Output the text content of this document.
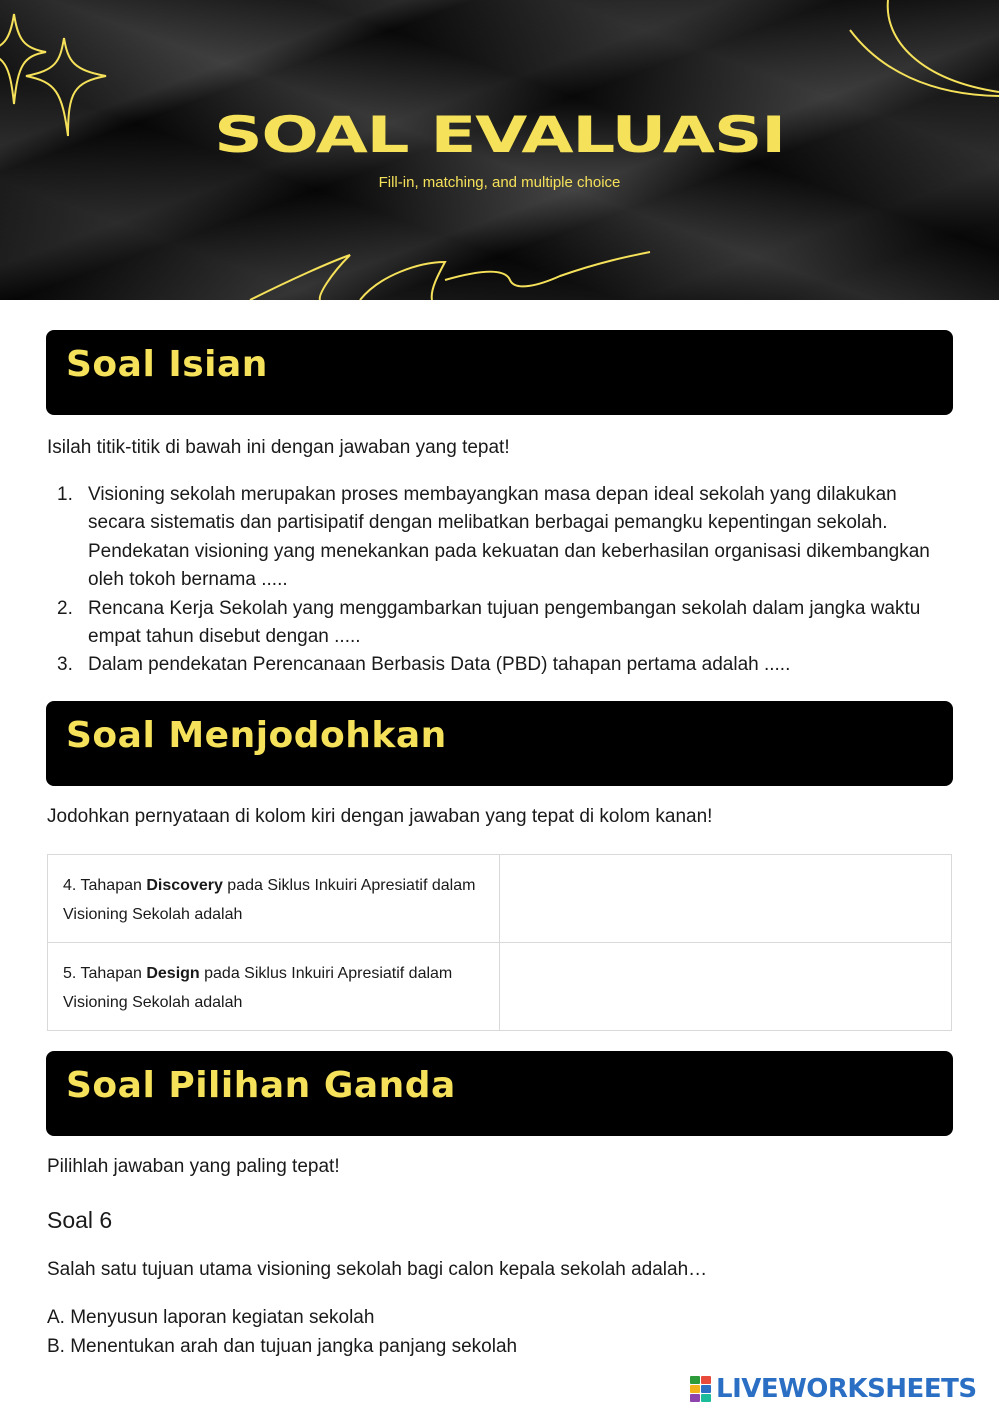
SOAL EVALUASI
Fill-in, matching, and multiple choice
Soal Isian

Isilah titik-titik di bawah ini dengan jawaban yang tepat!

1. Visioning sekolah merupakan proses membayangkan masa depan ideal sekolah yang dilakukan secara sistematis dan partisipatif dengan melibatkan berbagai pemangku kepentingan sekolah. Pendekatan visioning yang menekankan pada kekuatan dan keberhasilan organisasi dikembangkan oleh tokoh bernama .....
2. Rencana Kerja Sekolah yang menggambarkan tujuan pengembangan sekolah dalam jangka waktu empat tahun disebut dengan .....
3. Dalam pendekatan Perencanaan Berbasis Data (PBD) tahapan pertama adalah .....
Soal Menjodohkan

Jodohkan pernyataan di kolom kiri dengan jawaban yang tepat di kolom kanan!

4. Tahapan Discovery pada Siklus Inkuiri Apresiatif dalam Visioning Sekolah adalah	
5. Tahapan Design pada Siklus Inkuiri Apresiatif dalam Visioning Sekolah adalah	
Soal Pilihan Ganda

Pilihlah jawaban yang paling tepat!

Soal 6

Salah satu tujuan utama visioning sekolah bagi calon kepala sekolah adalah…

A. Menyusun laporan kegiatan sekolah
B. Menentukan arah dan tujuan jangka panjang sekolah
LIVEWORKSHEETS
